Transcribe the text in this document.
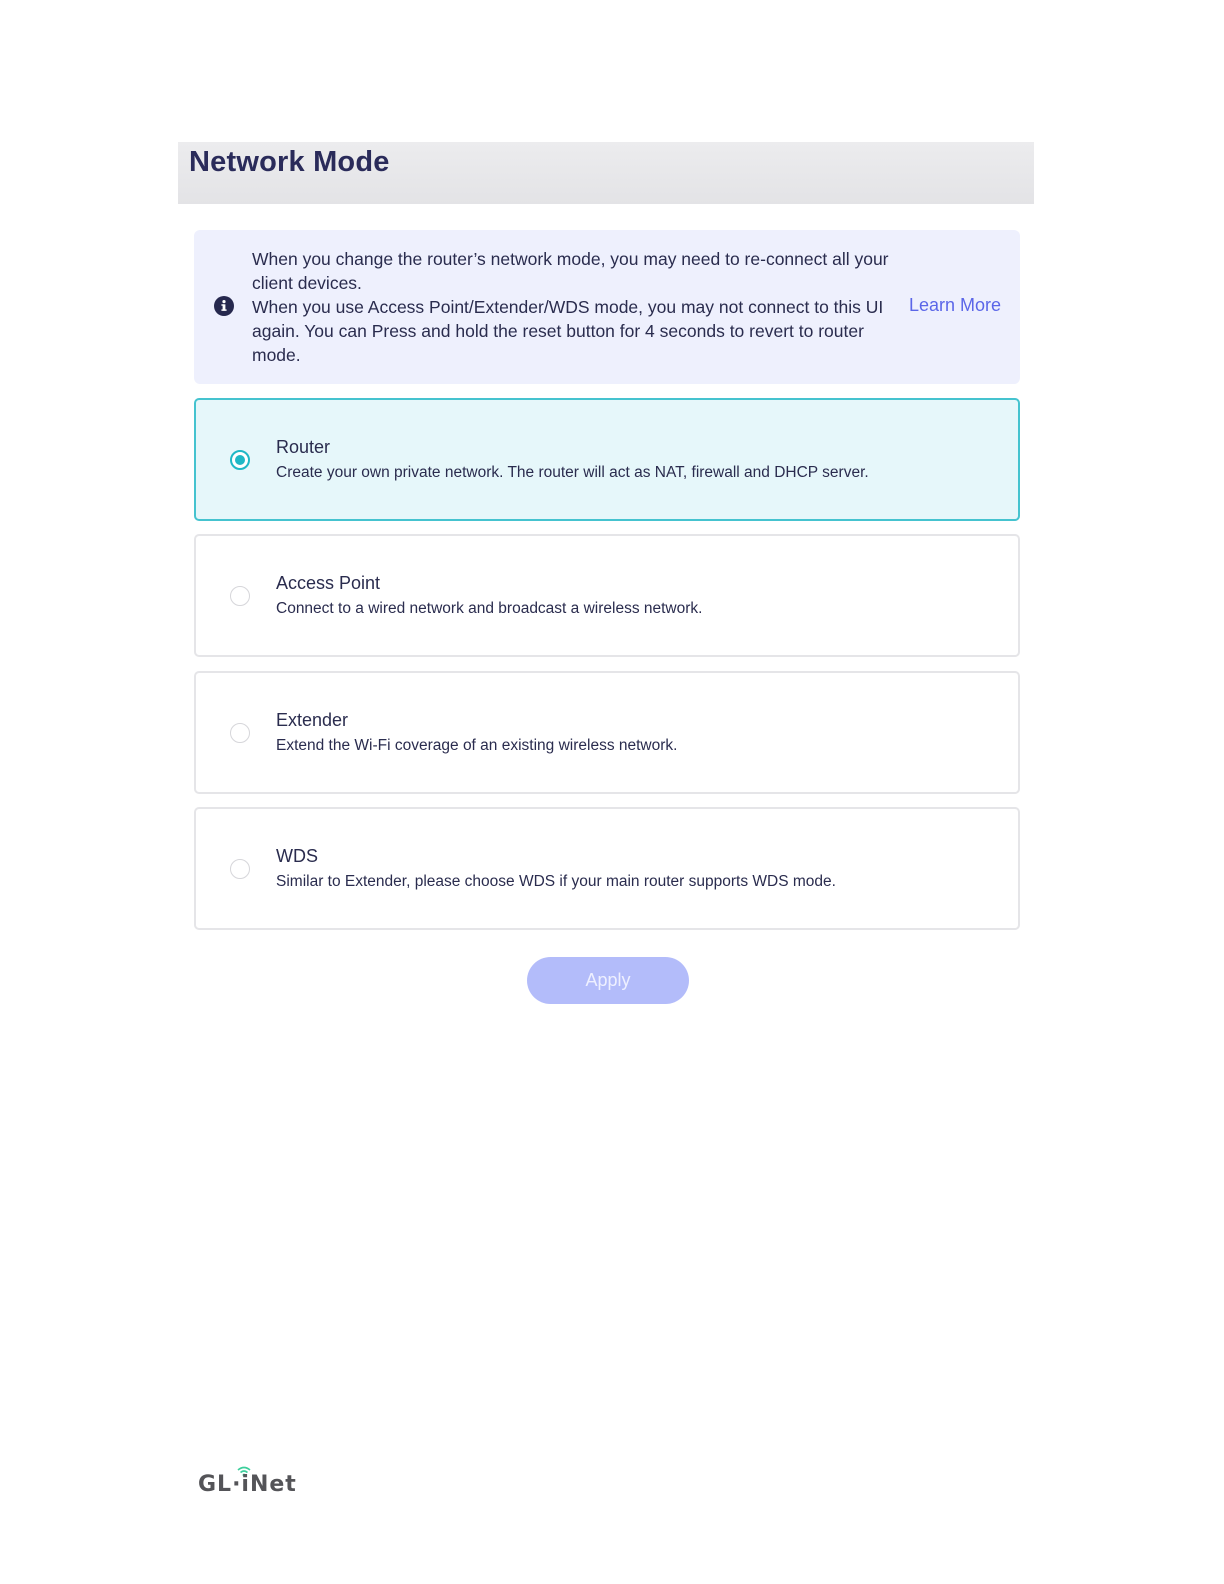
Network Mode

When you change the router’s network mode, you may need to re-connect all your client devices.

When you use Access Point/Extender/WDS mode, you may not connect to this UI again. You can Press and hold the reset button for 4 seconds to revert to router mode.

Learn More
Router
Create your own private network. The router will act as NAT, firewall and DHCP server.
Access Point
Connect to a wired network and broadcast a wireless network.
Extender
Extend the Wi-Fi coverage of an existing wireless network.
WDS
Similar to Extender, please choose WDS if your main router supports WDS mode.
Apply
GL·iNet
